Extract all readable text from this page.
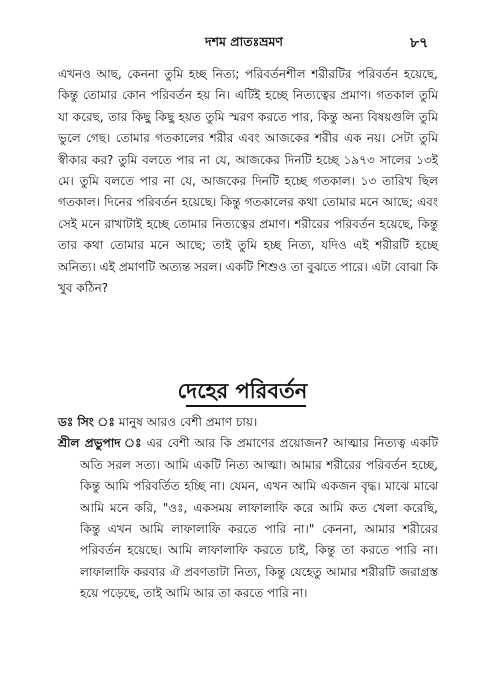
দশম প্রাতঃভ্রমণ	৮৭

এখনও আছ, কেননা তুমি হচ্ছ নিত্য; পরিবর্তনশীল শরীরটির পরিবর্তন হয়েছে, কিন্তু তোমার কোন পরিবর্তন হয় নি। এটিই হচ্ছে নিত্যত্বের প্রমাণ। গতকাল তুমি যা করেছ, তার কিছু কিছু হয়ত তুমি স্মরণ করতে পার, কিন্তু অন্য বিষয়গুলি তুমি ভুলে গেছ। তোমার গতকালের শরীর এবং আজকের শরীর এক নয়। সেটা তুমি স্বীকার কর? তুমি বলতে পার না যে, আজকের দিনটি হচ্ছে ১৯৭৩ সালের ১৩ই মে। তুমি বলতে পার না যে, আজকের দিনটি হচ্ছে গতকাল। ১৩ তারিখ ছিল গতকাল। দিনের পরিবর্তন হয়েছে। কিন্তু গতকালের কথা তোমার মনে আছে; এবং সেই মনে রাখাটাই হচ্ছে তোমার নিত্যত্বের প্রমাণ। শরীরের পরিবর্তন হয়েছে, কিন্তু তার কথা তোমার মনে আছে; তাই তুমি হচ্ছ নিত্য, যদিও এই শরীরটি হচ্ছে অনিত্য। এই প্রমাণটি অত্যন্ত সরল। একটি শিশুও তা বুঝতে পারে। এটা বোঝা কি খুব কঠিন?

দেহের পরিবর্তন

ডঃ সিং ঃ মানুষ আরও বেশী প্রমাণ চায়।

শ্রীল প্রভুপাদ ঃ এর বেশী আর কি প্রমাণের প্রয়োজন? আত্মার নিত্যত্ব একটি অতি সরল সত্য। আমি একটি নিত্য আত্মা। আমার শরীরের পরিবর্তন হচ্ছে, কিন্তু আমি পরিবর্তিত হচ্ছি না। যেমন, এখন আমি একজন বৃদ্ধ। মাঝে মাঝে আমি মনে করি, "ওঃ, একসময় লাফালাফি করে আমি কত খেলা করেছি, কিন্তু এখন আমি লাফালাফি করতে পারি না।" কেননা, আমার শরীরের পরিবর্তন হয়েছে। আমি লাফালাফি করতে চাই, কিন্তু তা করতে পারি না। লাফালাফি করবার ঐ প্রবণতাটা নিত্য, কিন্তু যেহেতু আমার শরীরটি জরাগ্রস্ত হয়ে পড়েছে, তাই আমি আর তা করতে পারি না।
